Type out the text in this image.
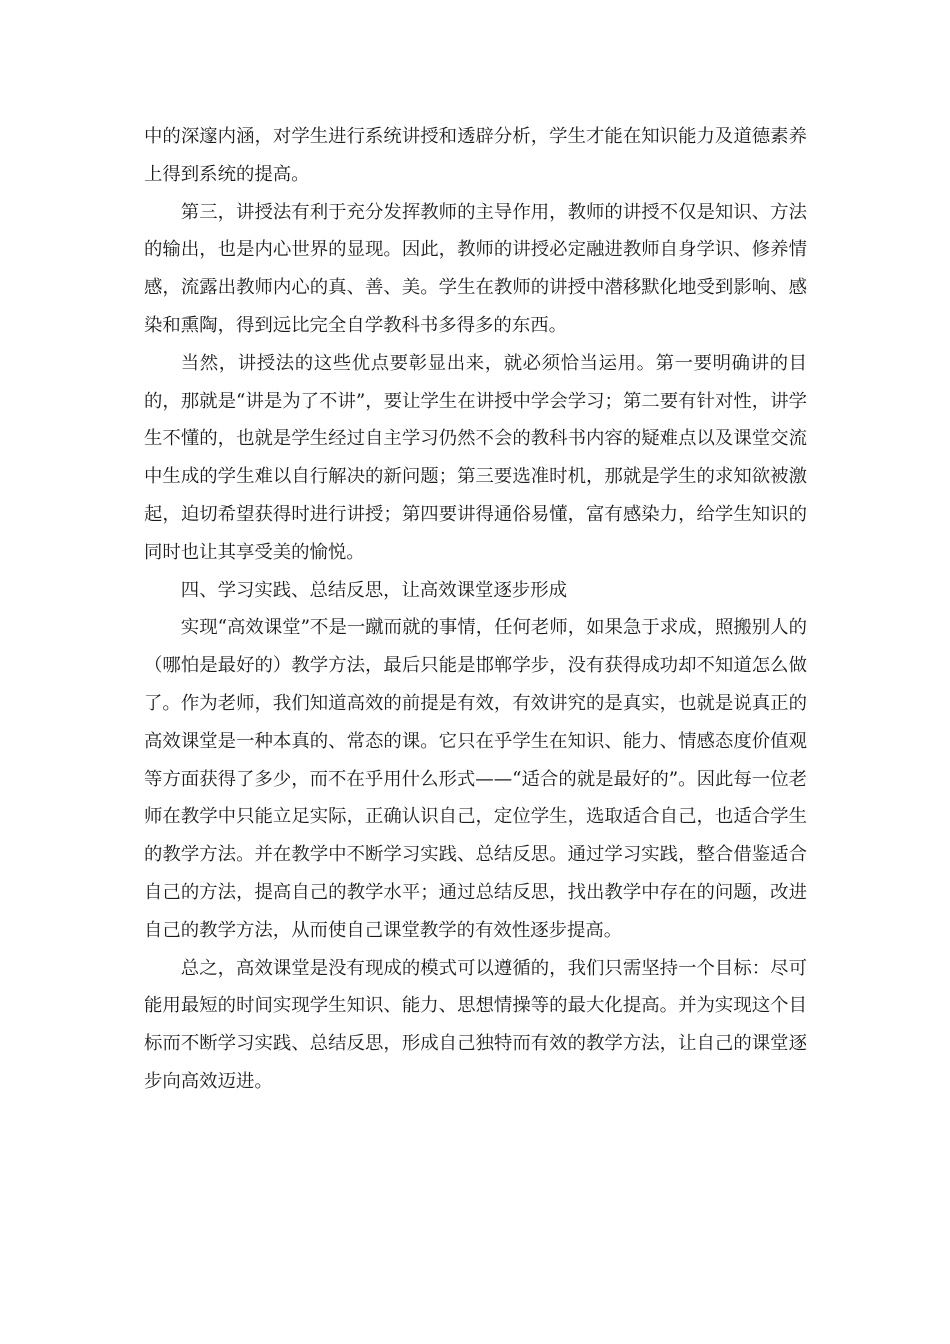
中的深邃内涵，对学生进行系统讲授和透辟分析，学生才能在知识能力及道德素养上得到系统的提高。

第三，讲授法有利于充分发挥教师的主导作用，教师的讲授不仅是知识、方法的输出，也是内心世界的显现。因此，教师的讲授必定融进教师自身学识、修养情感，流露出教师内心的真、善、美。学生在教师的讲授中潜移默化地受到影响、感染和熏陶，得到远比完全自学教科书多得多的东西。

当然，讲授法的这些优点要彰显出来，就必须恰当运用。第一要明确讲的目的，那就是“讲是为了不讲”，要让学生在讲授中学会学习；第二要有针对性，讲学生不懂的，也就是学生经过自主学习仍然不会的教科书内容的疑难点以及课堂交流中生成的学生难以自行解决的新问题；第三要选准时机，那就是学生的求知欲被激起，迫切希望获得时进行讲授；第四要讲得通俗易懂，富有感染力，给学生知识的同时也让其享受美的愉悦。

四、学习实践、总结反思，让高效课堂逐步形成

实现“高效课堂”不是一蹴而就的事情，任何老师，如果急于求成，照搬别人的（哪怕是最好的）教学方法，最后只能是邯郸学步，没有获得成功却不知道怎么做了。作为老师，我们知道高效的前提是有效，有效讲究的是真实，也就是说真正的高效课堂是一种本真的、常态的课。它只在乎学生在知识、能力、情感态度价值观等方面获得了多少，而不在乎用什么形式——“适合的就是最好的”。因此每一位老师在教学中只能立足实际，正确认识自己，定位学生，选取适合自己，也适合学生的教学方法。并在教学中不断学习实践、总结反思。通过学习实践，整合借鉴适合自己的方法，提高自己的教学水平；通过总结反思，找出教学中存在的问题，改进自己的教学方法，从而使自己课堂教学的有效性逐步提高。

总之，高效课堂是没有现成的模式可以遵循的，我们只需坚持一个目标：尽可能用最短的时间实现学生知识、能力、思想情操等的最大化提高。并为实现这个目标而不断学习实践、总结反思，形成自己独特而有效的教学方法，让自己的课堂逐步向高效迈进。
